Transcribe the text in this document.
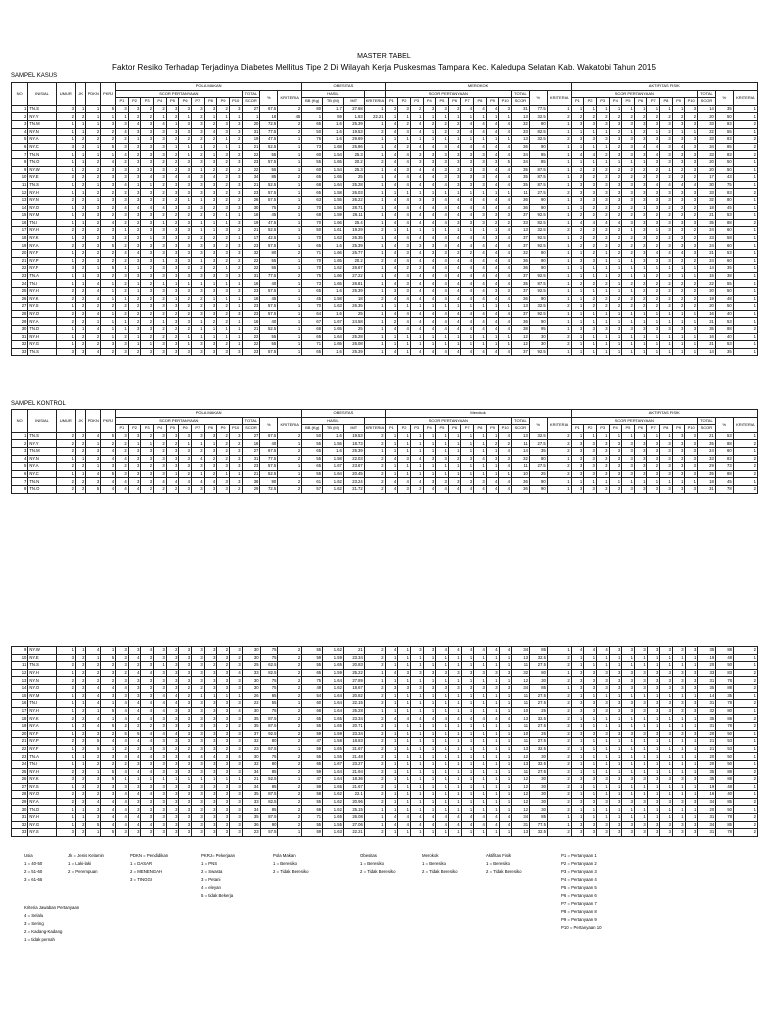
MASTER TABEL
Faktor Resiko Terhadap Terjadinya Diabetes Mellitus Tipe 2 Di Wilayah Kerja Puskesmas Tampara Kec. Kaledupa Selatan Kab. Wakatobi Tahun 2015
SAMPEL KASUS
NO	INISIAL	UMUR	JK	PDKN	PKRJ	POLA MAKAN													OBESITAS				MEROKOK													AKTIFITAS FISIK												
						SCOR PERTANYAAN										TOTAL	%	KRITERIA	HASIL				SCOR PERTANYAAN										TOTAL	%	KRITERIA	SCOR PERTANYAAN										TOTAL	%	KRITERIA
						P1	P2	P3	P4	P5	P6	P7	P8	P9	P10	SCOR			BB (Kg)	TB (M)	IMT	KRITERIA	P1	P2	P3	P4	P5	P6	P7	P8	P9	P10	SCOR			P1	P2	P3	P4	P5	P6	P7	P8	P9	P10	SCOR		
1	TN.S	3	1	1	5	3	3	2	2	3	3	3	3	2	3	27	67.5	2	80	1.7	27.68	1	3	3	2	3	3	2	4	4	4	3	31	77.5	1	1	1	1	1	1	1	1	1	1	3	14	35	1
2	NY.Y	2	2	1	1	1	2	2	1	2	1	2	1	1	1	1	18	45	1	59	1.63	22.21	1	1	1	1	1	1	1	1	1	1	13	32.5	2	2	2	2	2	2	2	2	2	2	2	20	50	1
3	TN.M	1	1	1	3	3	4	3	4	1	3	3	2	3	3	20	72.5	2	65	1.6	25.39	1	4	2	4	2	2	2	4	4	4	4	32	80	1	3	3	3	3	3	3	3	3	3	3	33	83	2
4	NY.N	1	1	2	2	4	3	3	3	3	3	3	4	3	3	31	77.5	2	50	1.6	19.53	2	4	4	4	1	2	2	4	4	4	4	33	82.5	1	1	1	1	2	1	2	1	2	1	1	22	55	1
5	NY.A	1	2	2	2	2	1	3	3	2	2	2	2	1	2	19	47.5	1	76	1.6	29.69	1	1	1	1	1	1	1	1	1	1	1	13	32.5	2	3	3	3	3	3	3	3	3	3	3	33	83	2
6	NY.C	3	2	1	5	3	3	3	3	1	1	1	2	1	1	21	52.5	1	73	1.68	25.86	1	4	2	4	4	4	4	4	4	4	4	36	90	1	1	1	1	2	3	4	4	3	4	3	34	85	2
7	TN.N	1	1	1	1	4	2	3	3	2	1	2	1	3	2	22	55	1	60	1.54	25.3	1	4	4	3	3	3	3	3	3	4	4	34	85	1	4	4	2	3	3	3	4	3	3	3	33	83	2
8	TN.O	1	1	2	4	2	3	3	2	2	3	3	3	2	3	23	57.5	1	55	1.65	20.2	2	4	4	3	3	3	3	3	3	3	5	34	85	1	1	1	1	1	1	1	3	3	3	3	20	50	1
9	NY.W	1	2	2	3	3	3	3	3	2	3	1	2	2	2	22	55	1	60	1.54	25.3	1	4	3	4	4	3	3	3	3	4	4	35	87.5	1	2	2	2	2	2	2	2	1	2	3	20	50	1
10	NY.E	2	2	2	3	3	3	4	3	4	4	3	4	2	3	34	85	2	65	1.65	25	1	4	4	4	4	3	3	3	3	4	4	35	87.5	1	2	2	2	2	2	2	2	2	2	2	17	43	1
11	TN.S	1	2	1	3	4	1	1	2	3	3	3	3	2	3	21	52.5	1	68	1.64	25.28	1	4	4	4	4	4	3	3	3	4	4	35	87.5	1	3	3	3	3	3	3	4	4	4	4	30	75	1
12	NY.H	1	1	2	2	2	3	3	2	3	3	3	3	2	3	23	57.5	1	65	1.58	26.03	1	1	1	1	1	1	1	1	1	1	1	11	27.5	2	3	3	3	3	3	3	3	3	3	3	33	83	2
13	NY.N	2	2	1	3	3	3	3	2	2	1	1	3	2	2	26	57.5	1	63	1.55	26.22	1	4	4	3	3	4	4	4	4	4	4	36	90	1	3	3	3	3	3	3	3	3	3	3	32	80	1
14	NY.O	1	2	3	2	4	4	4	4	3	3	3	2	3	3	30	75	2	70	1.56	28.71	1	4	4	4	4	4	4	4	4	4	4	36	90	1	1	2	2	2	2	1	3	2	2	2	18	45	1
15	NY.M	1	2	3	2	3	3	3	2	2	2	2	2	1	1	18	45	1	68	1.59	26.11	1	4	4	4	4	4	4	4	3	3	3	37	92.5	1	2	2	2	2	2	2	2	2	2	2	21	53	1
16	TN.I	1	1	2	4	2	2	3	1	2	3	1	1	1	3	19	47.5	1	70	1.66	25.4	1	4	4	4	4	4	3	3	3	2	2	33	82.5	1	4	4	4	4	3	3	3	3	3	3	35	88	2
17	NY.H	2	2	2	3	1	2	3	3	3	3	1	1	3	2	21	52.5	1	50	1.61	19.29	2	1	1	1	1	1	1	1	1	1	4	13	32.5	2	2	2	2	2	1	3	1	3	3	2	24	60	1
18	NY.K	1	2	2	3	2	2	1	3	3	2	2	2	2	1	17	42.5	1	70	1.63	26.35	1	4	4	4	4	4	4	4	4	3	4	37	92.5	1	2	2	2	2	2	3	2	2	2	2	23	58	1
19	NY.A	2	2	3	5	2	3	3	3	3	3	3	3	2	3	23	57.5	1	65	1.6	25.39	1	4	3	3	3	4	4	4	4	4	4	37	92.5	1	2	2	2	2	2	2	2	3	3	3	24	60	1
20	NY.F	1	2	2	2	4	4	3	3	3	3	3	3	3	3	32	80	2	71	1.66	25.77	1	4	3	4	3	3	2	2	4	4	4	32	80	1	1	2	1	2	2	3	4	4	4	3	21	53	1
21	NY.P	1	2	3	2	2	3	3	1	3	3	1	3	2	2	22	55	1	70	1.65	20.2	2	4	4	4	4	4	4	4	4	4	4	36	90	1	3	3	1	1	1	3	3	3	2	2	24	60	1
22	NY.F	3	2	1	5	1	1	2	3	3	2	2	2	1	2	22	55	1	70	1.62	26.67	1	4	2	2	4	4	4	4	4	4	4	36	90	1	1	1	1	1	1	1	1	1	1	1	14	35	1
23	TN.A	1	1	3	2	3	3	3	3	3	3	3	3	3	3	31	77.5	2	75	1.66	27.22	1	4	4	4	4	4	4	4	4	4	4	37	92.5	1	1	1	1	2	1	1	2	2	1	1	15	38	1
24	TN.I	1	1	4	1	2	1	2	1	1	1	1	1	1	1	16	40	1	73	1.65	26.81	1	4	3	4	4	4	4	4	4	4	4	35	87.5	1	2	2	2	1	2	2	2	2	2	2	22	55	1
25	NY.H	2	2	4	1	2	1	3	3	3	3	3	3	3	3	23	57.5	1	65	1.6	25.39	1	3	3	4	4	4	4	4	4	3	3	37	92.5	1	1	1	1	1	1	2	2	2	2	2	20	50	1
26	NY.K	2	2	4	1	1	2	2	2	1	2	2	1	1	1	18	45	1	45	1.58	18	2	4	4	4	4	4	4	4	4	4	4	36	90	1	1	2	2	2	2	2	2	2	2	2	19	48	1
27	NY.S	1	2	2	2	2	2	3	3	3	2	2	3	2	1	23	57.5	1	70	1.63	26.35	1	1	1	1	1	1	1	1	1	1	1	13	32.5	2	1	2	2	2	2	2	2	2	2	2	20	50	1
28	NY.O	2	2	4	1	2	2	2	2	2	2	3	3	2	3	23	57.5	1	64	1.6	25	1	4	4	4	4	4	4	4	4	4	4	37	92.5	1	1	1	1	1	1	1	1	1	1	1	16	40	1
29	NY.A	2	2	1	1	1	2	2	1	3	3	1	2	2	1	16	40	1	67	1.67	24.58	1	2	4	4	4	4	4	4	4	4	4	36	90	1	1	1	1	1	1	1	1	1	1	1	21	53	1
30	TN.D	1	1	4	1	1	3	3	2	2	2	1	1	1	1	21	52.5	1	68	1.65	25	1	4	4	4	4	4	4	4	4	4	4	38	95	1	3	3	3	3	3	3	3	3	3	3	35	88	2
31	NY.H	1	2	2	1	2	1	2	2	2	1	1	1	1	1	22	55	1	65	1.64	25.28	1	1	1	1	1	1	1	1	1	1	1	12	30	2	1	1	1	1	1	1	1	1	1	1	16	40	1
32	NY.G	1	2	2	3	3	1	1	3	3	1	3	3	2	1	22	55	1	71	1.65	26.08	1	1	1	1	1	1	1	1	1	1	1	12	30	2	1	1	1	1	1	1	1	1	1	1	21	53	1
33	TN.S	3	3	4	2	3	2	3	3	3	3	3	3	3	3	23	57.5	1	65	1.6	25.39	1	4	1	4	4	4	4	4	4	4	4	37	92.5	1	1	1	1	1	1	1	1	1	1	1	14	35	1
SAMPEL KONTROL
NO	INISIAL	UMUR	JK	PDKN	PKRJ	POLA MAKAN													OBESITAS				Merokok													AKTIFITAS FISIK												
						SCOR PERTANYAAN										TOTAL	%	KRITERIA	HASIL				SCOR PERTANYAAN										TOTAL	%	KRITERIA	SCOR PERTANYAAN										TOTAL	%	KRITERIA
						P1	P2	P3	P4	P5	P6	P7	P8	P9	P10	SCOR			BB (Kg)	TB (M)	IMT	KRITERIA	P1	P2	P3	P4	P5	P6	P7	P8	P9	P10	SCOR			P1	P2	P3	P4	P5	P6	P7	P8	P9	P10	SCOR		
1	TN.S	2	2	4	5	3	3	2	3	3	3	3	3	2	3	27	67.5	2	50	1.6	19.53	2	1	1	1	1	1	1	1	1	1	4	13	32.5	2	1	1	1	1	1	1	1	1	3	3	21	53	1
2	NY.Y	2	2	1	2	2	1	1	2	2	1	1	1	2	2	16	40	1	55	1.55	18.73	2	1	1	1	1	1	1	1	1	2	2	11	27.5	2	3	3	3	3	3	3	3	3	3	3	35	88	2
3	TN.M	2	2	3	4	2	3	3	2	3	3	2	3	2	3	27	67.5	2	65	1.6	25.39	1	1	1	1	1	1	1	1	1	1	4	14	35	2	3	3	3	3	3	3	3	3	3	3	24	60	1
4	NY.N	1	1	3	4	4	3	3	3	3	3	4	2	2	3	31	77.5	2	55	1.58	22.03	2	4	3	4	3	3	2	3	4	3	3	32	80	1	3	3	3	3	3	3	3	3	3	3	33	83	2
5	NY.A	2	2	1	3	2	3	2	3	3	3	3	3	3	3	23	57.5	1	65	1.67	23.67	2	1	1	1	1	1	1	1	1	1	4	11	27.5	2	3	3	3	3	3	3	2	3	3	3	29	73	2
6	NY.C	1	1	4	5	3	3	3	3	1	2	1	2	1	1	21	52.5	1	55	1.64	20.45	2	1	1	1	1	1	1	1	1	1	1	10	25	2	3	3	3	3	3	3	3	3	3	3	35	88	2
7	TN.N	2	2	3	4	4	3	3	4	4	4	4	4	3	3	36	90	2	61	1.62	23.24	2	4	4	4	3	3	3	3	3	4	4	36	90	1	1	1	1	1	1	1	1	1	1	1	18	45	1
8	TN.O	2	2	5	4	4	4	2	2	2	3	3	3	3	2	29	72.5	2	57	1.62	21.72	2	4	3	3	4	4	4	4	4	4	4	36	90	1	3	3	3	3	3	3	3	3	3	3	31	78	2
9	NY.W	1	1	4	1	3	3	4	3	2	3	3	3	2	3	30	75	2	55	1.62	21	2	4	1	3	3	4	4	4	4	4	4	34	85	1	4	4	4	3	3	3	3	3	3	3	35	88	2
10	NY.E	3	2	1	5	3	4	3	3	3	3	3	3	3	2	30	75	2	59	1.59	23.34	2	1	1	1	1	1	1	1	1	1	1	13	32.5	2	1	1	1	1	1	1	1	1	1	1	19	48	1
11	TN.S	2	2	2	2	3	2	3	1	3	3	3	2	2	3	25	62.5	2	55	1.65	20.83	2	1	1	1	1	1	1	1	1	1	1	11	27.5	2	1	1	1	1	1	1	1	1	1	1	20	50	1
12	NY.H	1	2	2	3	2	4	4	3	3	3	3	3	3	4	33	82.5	2	65	1.59	25.22	1	4	3	3	3	3	3	3	3	3	3	32	80	1	3	3	3	3	3	3	3	3	3	3	33	83	2
13	NY.N	2	2	2	2	3	3	3	3	3	3	3	3	3	3	30	75	2	75	1.64	27.89	1	1	1	1	1	1	1	1	1	1	1	12	30	2	3	3	3	3	3	3	3	3	3	3	31	78	2
14	NY.O	2	2	4	4	4	3	3	3	3	2	2	3	3	3	30	75	2	49	1.62	18.67	2	3	3	3	3	3	3	3	3	3	3	34	85	1	3	3	3	3	3	3	3	3	3	3	35	88	2
15	NY.M	1	2	4	3	3	3	3	4	4	2	1	1	1	1	26	65	2	54	1.64	20.82	2	1	1	1	1	1	1	1	1	1	1	11	27.5	2	1	1	1	1	1	1	1	1	1	1	14	35	1
16	TN.I	1	1	4	1	4	4	4	4	4	3	3	3	3	3	22	55	1	60	1.64	22.15	2	1	1	1	1	1	1	1	1	1	1	11	27.5	2	3	3	3	3	3	3	3	3	3	3	31	78	2
17	NY.H	1	2	1	5	4	4	4	4	3	3	3	3	3	4	30	75	2	68	1.64	25.28	1	1	1	1	1	1	1	1	1	1	1	10	25	2	3	3	3	3	3	3	3	3	3	3	32	80	1
18	NY.K	2	2	4	1	4	4	4	3	3	3	3	3	3	3	35	87.5	2	65	1.65	23.34	2	4	4	4	4	4	4	4	4	4	4	13	32.5	2	1	1	1	1	1	1	1	1	1	1	35	88	2
19	NY.A	1	2	4	5	2	2	2	3	3	2	3	3	2	2	35	87.5	2	55	1.65	20.71	2	1	1	1	1	1	1	1	1	1	1	11	27.5	2	1	1	1	1	1	1	1	1	1	1	31	78	2
20	NY.F	1	2	3	2	5	5	4	4	4	3	3	3	3	3	37	92.5	2	59	1.59	23.34	2	1	1	1	1	1	1	1	1	1	1	10	25	2	3	3	3	3	3	3	3	3	3	3	20	50	1
21	NY.P	2	2	5	4	4	4	4	3	3	3	3	3	3	3	32	80	2	47	1.58	18.83	2	1	1	1	1	1	1	1	1	1	1	11	27.5	2	1	1	1	1	1	1	1	1	1	1	21	53	1
22	NY.F	1	2	5	1	2	2	3	3	2	2	3	3	2	3	23	57.5	1	59	1.65	21.67	2	1	1	1	1	1	1	1	1	1	1	13	32.5	2	1	1	1	1	1	1	1	1	1	1	21	53	1
23	TN.A	1	1	2	3	4	4	4	3	3	4	4	4	3	4	30	75	2	55	1.55	21.48	2	1	1	1	1	1	1	1	1	1	1	12	30	2	1	1	1	1	1	1	1	1	1	1	20	50	1
24	TN.I	1	1	2	2	2	3	3	3	3	3	3	3	3	3	32	80	2	65	1.67	23.27	2	1	1	1	1	1	1	1	1	1	1	13	32.5	2	1	1	1	1	1	1	1	1	1	1	20	50	1
25	NY.H	2	2	1	5	4	4	4	3	3	3	3	3	3	3	34	85	2	59	1.64	21.94	2	1	1	1	1	1	1	1	1	1	1	11	27.5	2	1	1	1	1	1	1	1	1	1	1	35	88	2
26	NY.K	3	2	3	5	1	1	1	1	1	1	1	1	1	1	21	52.5	1	47	1.64	18.36	2	1	1	1	1	1	1	1	1	1	1	12	30	2	3	3	3	3	3	3	3	3	3	3	35	88	2
27	NY.S	1	2	2	3	3	3	3	3	3	3	3	3	3	3	34	85	2	59	1.65	21.67	2	1	1	1	1	1	1	1	1	1	1	12	30	2	1	1	1	1	1	1	1	1	1	1	19	48	1
28	NY.O	2	2	2	3	4	4	4	3	3	3	3	3	3	3	35	87.5	2	58	1.62	22.1	2	1	1	1	1	1	1	1	1	1	1	12	30	2	1	1	1	1	1	1	1	1	1	1	16	40	1
29	NY.A	2	2	4	4	4	3	3	3	3	3	3	3	3	3	33	82.5	2	55	1.62	20.96	2	1	1	1	1	1	1	1	1	1	1	12	30	2	3	3	3	3	3	3	3	3	3	3	34	85	2
30	TN.D	1	1	3	4	4	3	3	3	3	3	3	3	3	3	34	85	2	66	1.62	25.15	1	1	1	1	1	1	1	1	1	1	1	12	30	2	1	1	1	1	1	1	1	1	1	1	20	50	1
31	NY.H	1	1	3	4	4	4	3	3	3	3	3	3	3	3	35	87.5	2	71	1.65	26.08	1	4	4	4	4	4	4	4	4	4	4	34	85	1	1	1	1	1	1	1	1	1	1	1	31	78	2
32	NY.G	1	2	5	4	4	4	4	3	3	3	3	3	3	3	36	90	2	55	1.55	27.06	1	4	4	4	4	4	4	4	4	4	4	31	77.5	1	3	3	3	3	3	3	3	3	3	3	34	85	2
33	NY.S	3	2	1	5	3	3	3	3	3	3	3	3	3	3	23	57.5	1	59	1.63	22.21	2	1	1	1	1	1	1	1	1	1	1	13	32.5	2	3	3	3	3	3	3	3	3	3	3	31	78	2
Usia
1 = 40-50
2 = 51-60
3 = 61-65
Jk = Jenis Kelamin
1 = Laki-laki
2 = Perempuan
PDKN = Pendidikan
1 = DASAR
2 = MENENGAH
3 = TINGGI
PKRJ= Pekerjaan
1 = PNS
2 = Swasta
3 = Petani
4 = eleyan
5 = tidak Bekerja
Pola Makan
1 = Beresiko
2 = Tidak Beresiko
Obesitas
1 = Beresiko
2 = Tidak Beresiko
Merokok
1 = Beresiko
2 = Tidak Beresiko
Aktifitas Fisik
1 = Beresiko
2 = Tidak Beresiko
P1 = Pertanyaan 1
P2 = Pertanyaan 2
P3 = Pertanyaan 3
P4 = Pertanyaan 4
P5 = Pertanyaan 5
P6 = Pertanyaan 6
P7 = Pertanyaan 7
P8 = Pertanyaan 8
P9 = Pertanyaan 9
P10 = Pertanyaan 10
Kriteria Jawaban Pertanyaan
4 = Selalu
3 = Sering
2 = Kadang-Kadang
1 = tidak pernah
